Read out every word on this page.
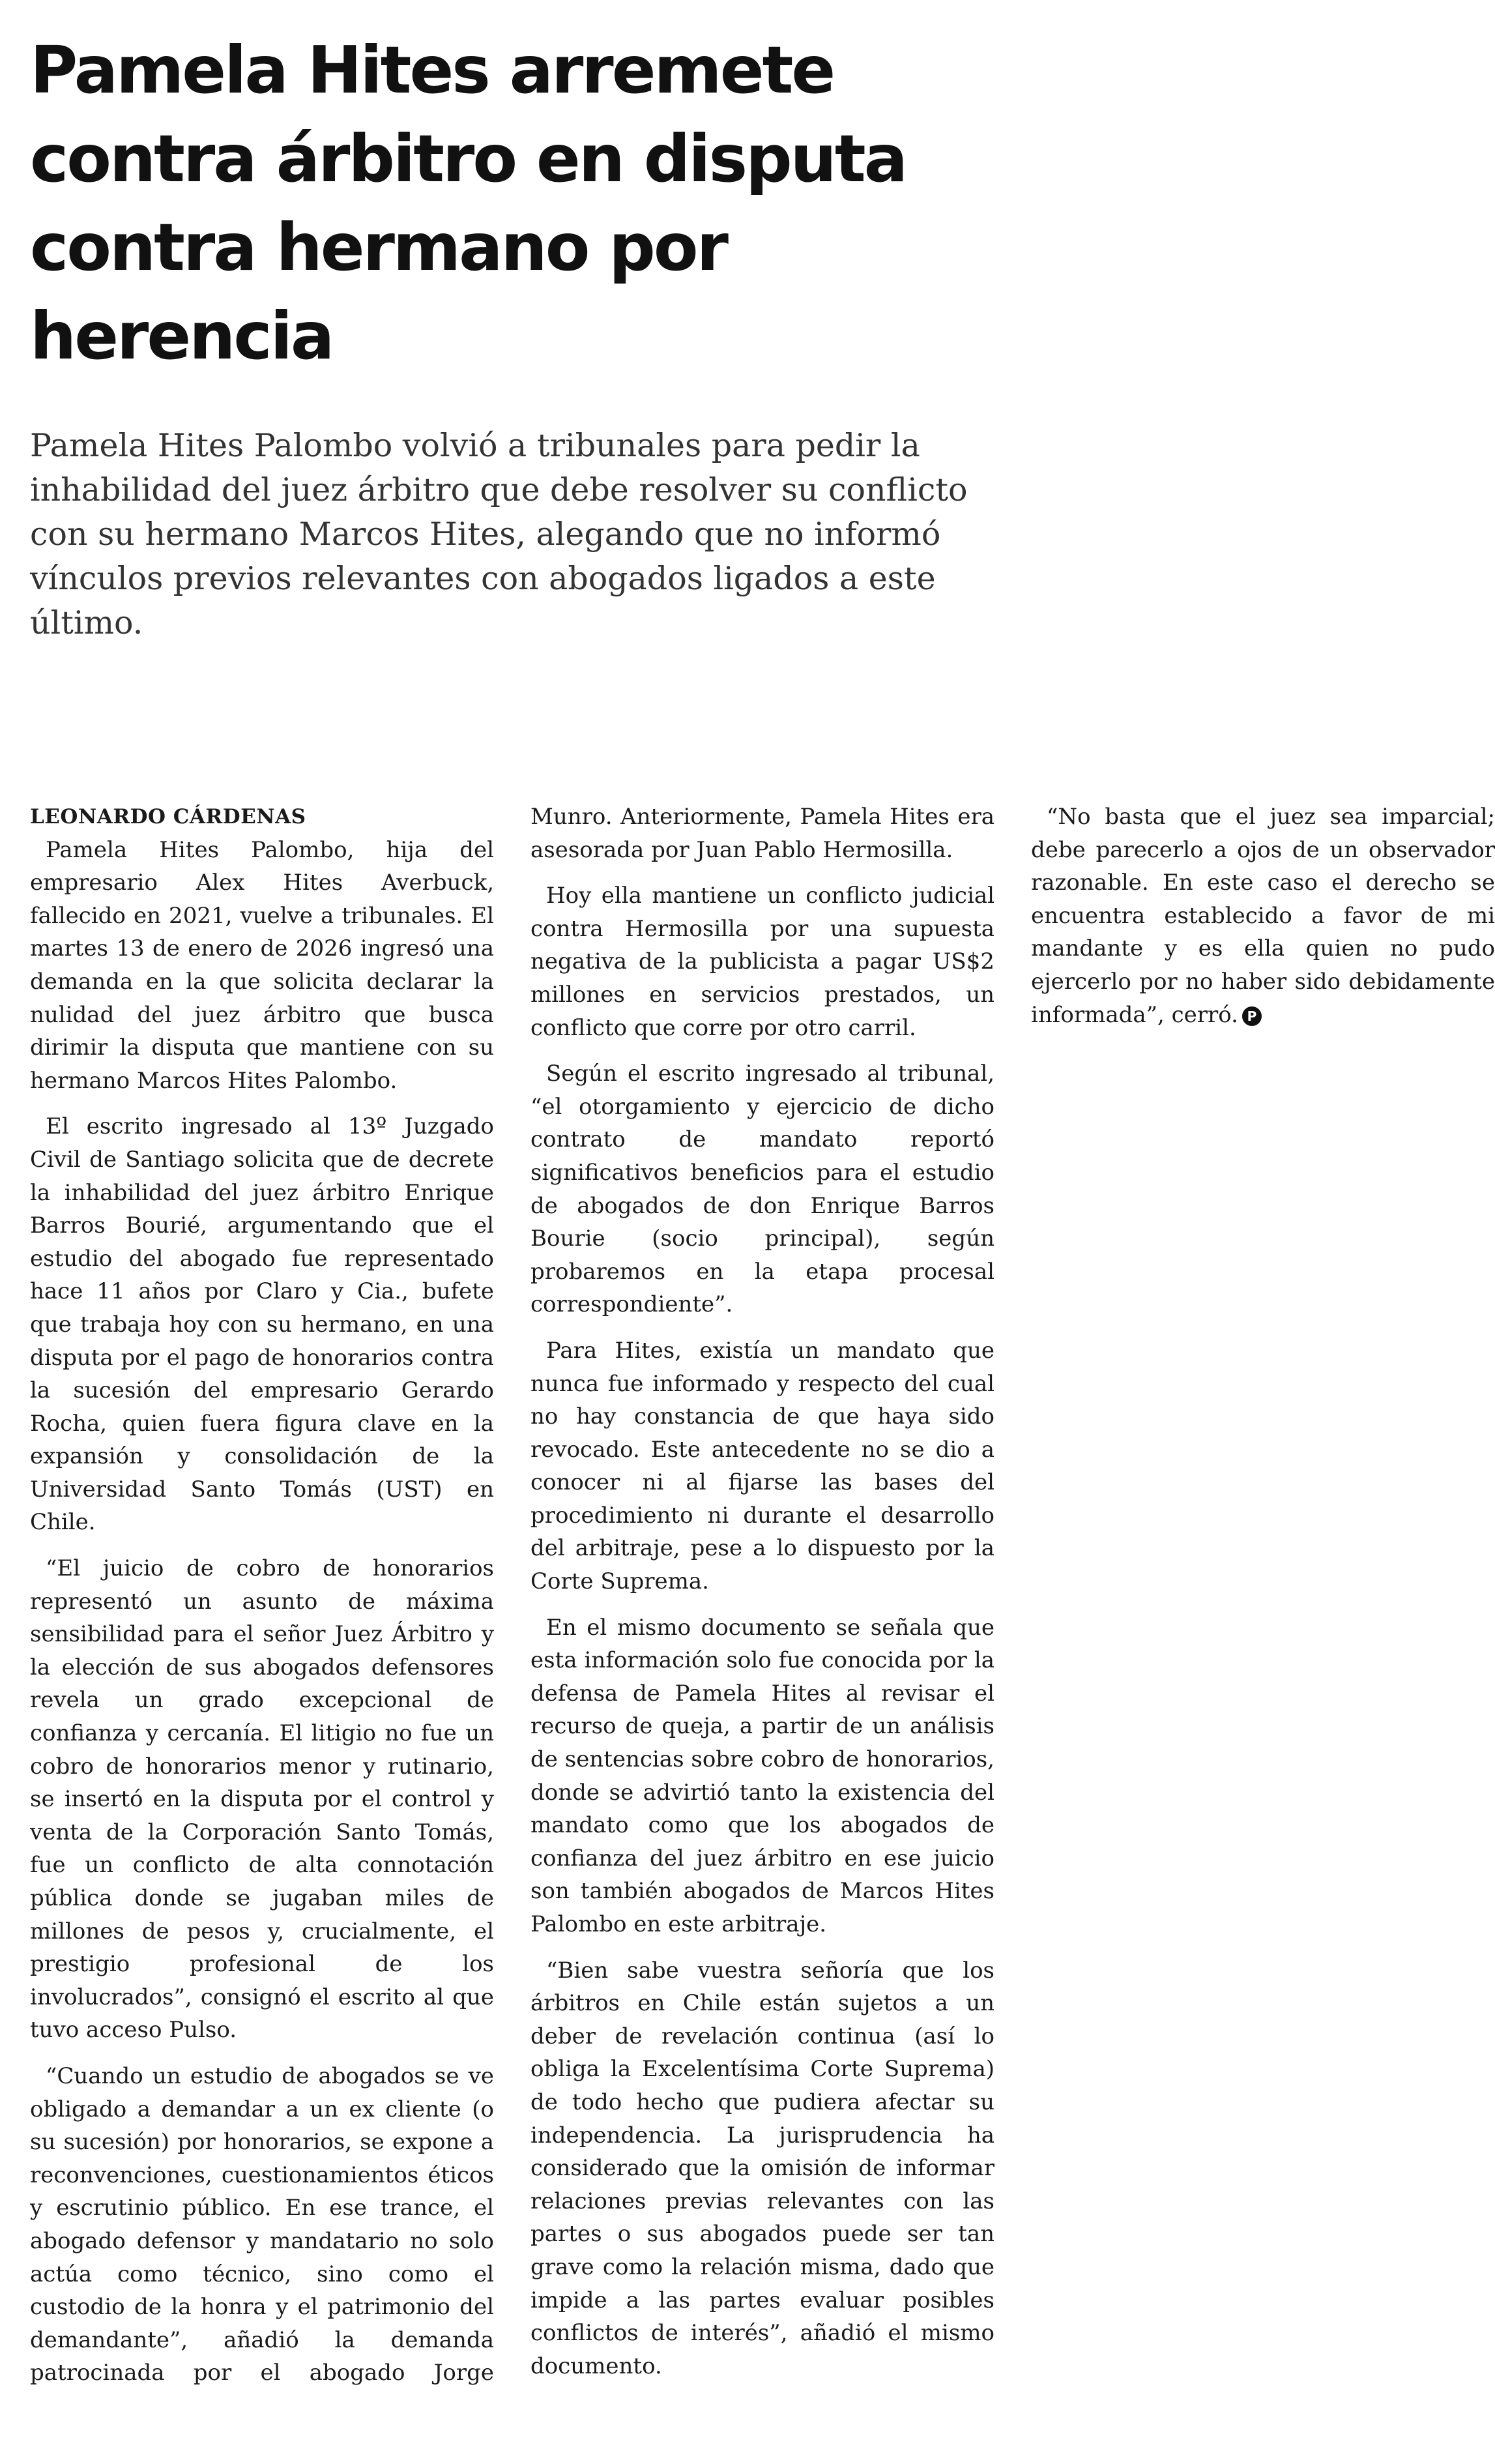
Pamela Hites arremete contra árbitro en disputa contra hermano por herencia

Pamela Hites Palombo volvió a tribunales para pedir la inhabilidad del juez árbitro que debe resolver su conflicto con su hermano Marcos Hites, alegando que no informó vínculos previos relevantes con abogados ligados a este último.

LEONARDO CÁRDENAS

Pamela Hites Palombo, hija del empresario Alex Hites Averbuck, fallecido en 2021, vuelve a tribunales. El martes 13 de enero de 2026 ingresó una demanda en la que solicita declarar la nulidad del juez árbitro que busca dirimir la disputa que mantiene con su hermano Marcos Hites Palombo.

El escrito ingresado al 13º Juzgado Civil de Santiago solicita que de decrete la inhabilidad del juez árbitro Enrique Barros Bourié, argumentando que el estudio del abogado fue representado hace 11 años por Claro y Cia., bufete que trabaja hoy con su hermano, en una disputa por el pago de honorarios contra la sucesión del empresario Gerardo Rocha, quien fuera figura clave en la expansión y consolidación de la Universidad Santo Tomás (UST) en Chile.

“El juicio de cobro de honorarios representó un asunto de máxima sensibilidad para el señor Juez Árbitro y la elección de sus abogados defensores revela un grado excepcional de confianza y cercanía. El litigio no fue un cobro de honorarios menor y rutinario, se insertó en la disputa por el control y venta de la Corporación Santo Tomás, fue un conflicto de alta connotación pública donde se jugaban miles de millones de pesos y, crucialmente, el prestigio profesional de los involucrados”, consignó el escrito al que tuvo acceso Pulso.

“Cuando un estudio de abogados se ve obligado a demandar a un ex cliente (o su sucesión) por honorarios, se expone a reconvenciones, cuestionamientos éticos y escrutinio público. En ese trance, el abogado defensor y mandatario no solo actúa como técnico, sino como el custodio de la honra y el patrimonio del demandante”, añadió la demanda patrocinada por el abogado Jorge Munro. Anteriormente, Pamela Hites era asesorada por Juan Pablo Hermosilla.

Hoy ella mantiene un conflicto judicial contra Hermosilla por una supuesta negativa de la publicista a pagar US$2 millones en servicios prestados, un conflicto que corre por otro carril.

Según el escrito ingresado al tribunal, “el otorgamiento y ejercicio de dicho contrato de mandato reportó significativos beneficios para el estudio de abogados de don Enrique Barros Bourie (socio principal), según probaremos en la etapa procesal correspondiente”.

Para Hites, existía un mandato que nunca fue informado y respecto del cual no hay constancia de que haya sido revocado. Este antecedente no se dio a conocer ni al fijarse las bases del procedimiento ni durante el desarrollo del arbitraje, pese a lo dispuesto por la Corte Suprema.

En el mismo documento se señala que esta información solo fue conocida por la defensa de Pamela Hites al revisar el recurso de queja, a partir de un análisis de sentencias sobre cobro de honorarios, donde se advirtió tanto la existencia del mandato como que los abogados de confianza del juez árbitro en ese juicio son también abogados de Marcos Hites Palombo en este arbitraje.

“Bien sabe vuestra señoría que los árbitros en Chile están sujetos a un deber de revelación continua (así lo obliga la Excelentísima Corte Suprema) de todo hecho que pudiera afectar su independencia. La jurisprudencia ha considerado que la omisión de informar relaciones previas relevantes con las partes o sus abogados puede ser tan grave como la relación misma, dado que impide a las partes evaluar posibles conflictos de interés”, añadió el mismo documento.

“No basta que el juez sea imparcial; debe parecerlo a ojos de un observador razonable. En este caso el derecho se encuentra establecido a favor de mi mandante y es ella quien no pudo ejercerlo por no haber sido debidamente informada”, cerró. P
